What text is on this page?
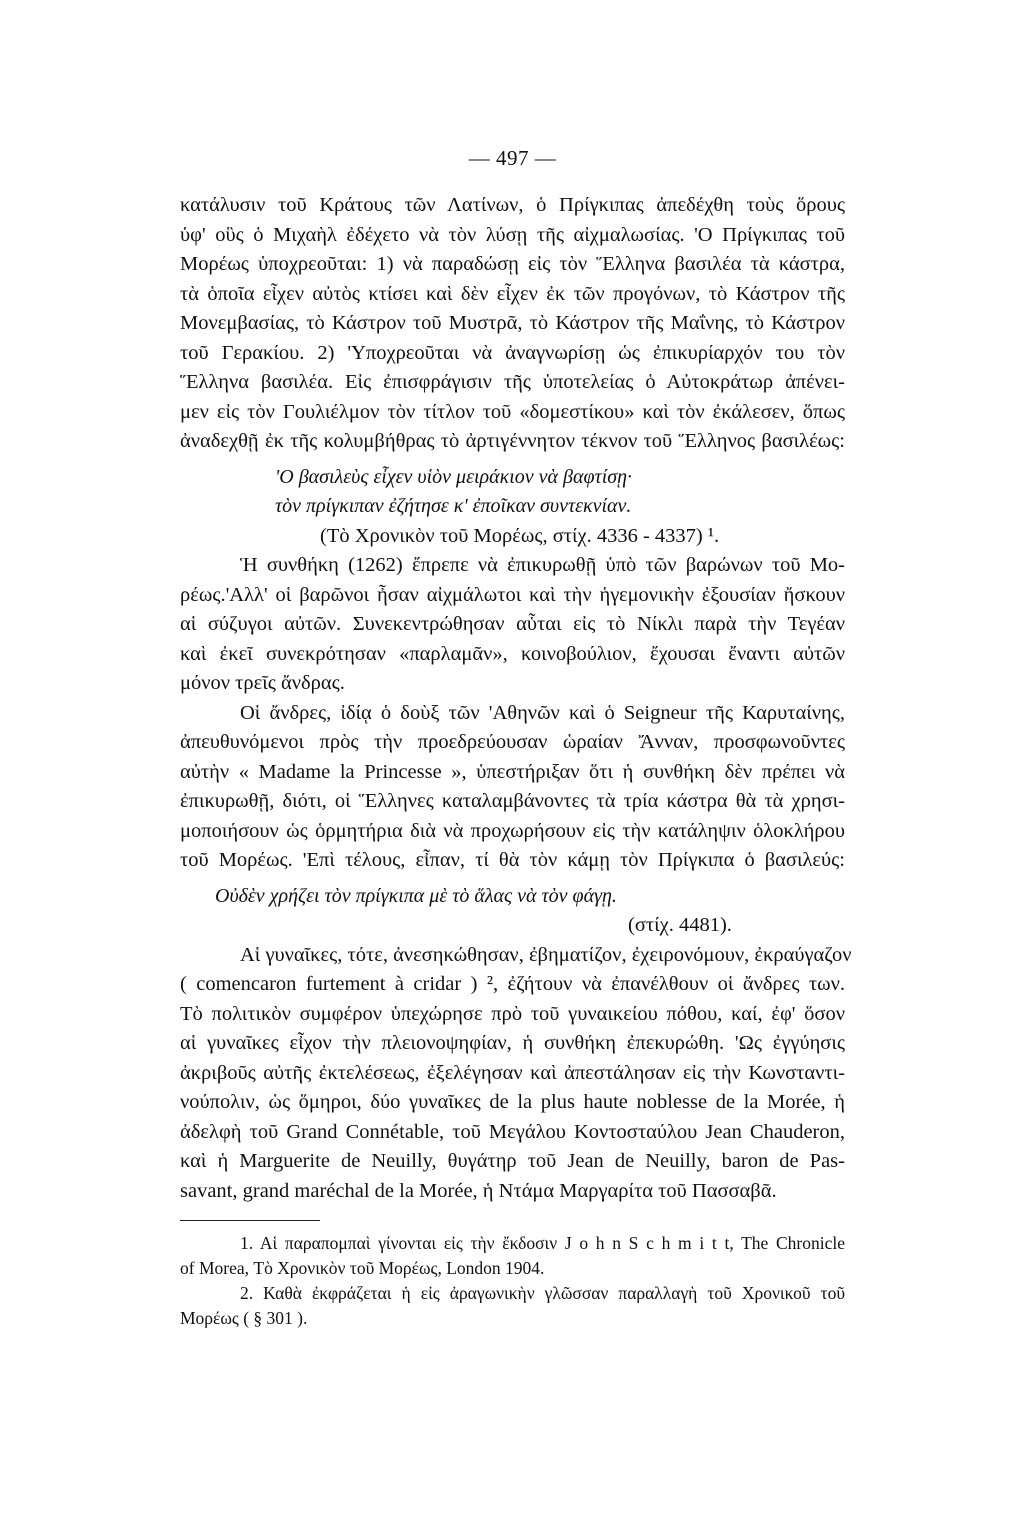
— 497 —
κατάλυσιν τοῦ Κράτους τῶν Λατίνων, ὁ Πρίγκιπας ἀπεδέχθη τοὺς ὅρους
ὑφ' οὓς ὁ Μιχαὴλ ἐδέχετο νὰ τὸν λύσῃ τῆς αἰχμαλωσίας. 'Ο Πρίγκιπας τοῦ
Μορέως ὑποχρεοῦται: 1) νὰ παραδώσῃ εἰς τὸν Ἕλληνα βασιλέα τὰ κάστρα,
τὰ ὁποῖα εἶχεν αὐτὸς κτίσει καὶ δὲν εἶχεν ἐκ τῶν προγόνων, τὸ Κάστρον τῆς
Μονεμβασίας, τὸ Κάστρον τοῦ Μυστρᾶ, τὸ Κάστρον τῆς Μαΐνης, τὸ Κάστρον
τοῦ Γερακίου. 2) 'Υποχρεοῦται νὰ ἀναγνωρίσῃ ὡς ἐπικυρίαρχόν του τὸν
Ἕλληνα βασιλέα. Εἰς ἐπισφράγισιν τῆς ὑποτελείας ὁ Αὐτοκράτωρ ἀπένει-
μεν εἰς τὸν Γουλιέλμον τὸν τίτλον τοῦ «δομεστίκου» καὶ τὸν ἐκάλεσεν, ὅπως
ἀναδεχθῇ ἐκ τῆς κολυμβήθρας τὸ ἀρτιγέννητον τέκνον τοῦ Ἕλληνος βασιλέως:
'Ο βασιλεὺς εἶχεν υἱὸν μειράκιον νὰ βαφτίσῃ·
τὸν πρίγκιπαν ἐζήτησε κ' ἐποῖκαν συντεκνίαν.
(Τὸ Χρονικὸν τοῦ Μορέως, στίχ. 4336 - 4337) ¹.
Ἡ συνθήκη (1262) ἔπρεπε νὰ ἐπικυρωθῇ ὑπὸ τῶν βαρώνων τοῦ Μο-
ρέως.'Αλλ' οἱ βαρῶνοι ἦσαν αἰχμάλωτοι καὶ τὴν ἡγεμονικὴν ἐξουσίαν ἤσκουν
αἱ σύζυγοι αὐτῶν. Συνεκεντρώθησαν αὗται εἰς τὸ Νίκλι παρὰ τὴν Τεγέαν
καὶ ἐκεῖ συνεκρότησαν «παρλαμᾶν», κοινοβούλιον, ἔχουσαι ἔναντι αὐτῶν
μόνον τρεῖς ἄνδρας.
Οἱ ἄνδρες, ἰδίᾳ ὁ δοὺξ τῶν 'Αθηνῶν καὶ ὁ Seigneur τῆς Καρυταίνης,
ἀπευθυνόμενοι πρὸς τὴν προεδρεύουσαν ὡραίαν Ἄνναν, προσφωνοῦντες
αὐτὴν « Madame la Princesse », ὑπεστήριξαν ὅτι ἡ συνθήκη δὲν πρέπει νὰ
ἐπικυρωθῇ, διότι, οἱ Ἕλληνες καταλαμβάνοντες τὰ τρία κάστρα θὰ τὰ χρησι-
μοποιήσουν ὡς ὁρμητήρια διὰ νὰ προχωρήσουν εἰς τὴν κατάληψιν ὁλοκλήρου
τοῦ Μορέως. 'Επὶ τέλους, εἶπαν, τί θὰ τὸν κάμῃ τὸν Πρίγκιπα ὁ βασιλεύς:
Οὐδὲν χρήζει τὸν πρίγκιπα μὲ τὸ ἅλας νὰ τὸν φάγῃ.
(στίχ. 4481).
Αἱ γυναῖκες, τότε, ἀνεσηκώθησαν, ἐβηματίζον, ἐχειρονόμουν, ἐκραύγαζον
( comencaron furtement à cridar ) ², ἐζήτουν νὰ ἐπανέλθουν οἱ ἄνδρες των.
Τὸ πολιτικὸν συμφέρον ὑπεχώρησε πρὸ τοῦ γυναικείου πόθου, καί, ἐφ' ὅσον
αἱ γυναῖκες εἶχον τὴν πλειονοψηφίαν, ἡ συνθήκη ἐπεκυρώθη. 'Ως ἐγγύησις
ἀκριβοῦς αὐτῆς ἐκτελέσεως, ἐξελέγησαν καὶ ἀπεστάλησαν εἰς τὴν Κωνσταντι-
νούπολιν, ὡς ὅμηροι, δύο γυναῖκες de la plus haute noblesse de la Morée, ἡ
ἀδελφὴ τοῦ Grand Connétable, τοῦ Μεγάλου Κοντοσταύλου Jean Chauderon,
καὶ ἡ Marguerite de Neuilly, θυγάτηρ τοῦ Jean de Neuilly, baron de Pas-
savant, grand maréchal de la Morée, ἡ Ντάμα Μαργαρίτα τοῦ Πασσαβᾶ.
1. Αἱ παραπομπαὶ γίνονται εἰς τὴν ἔκδοσιν J o h n S c h m i t t, The Chronicle
of Morea, Τὸ Χρονικὸν τοῦ Μορέως, London 1904.
2. Καθὰ ἐκφράζεται ἡ εἰς ἀραγωνικὴν γλῶσσαν παραλλαγὴ τοῦ Χρονικοῦ τοῦ
Μορέως ( § 301 ).
